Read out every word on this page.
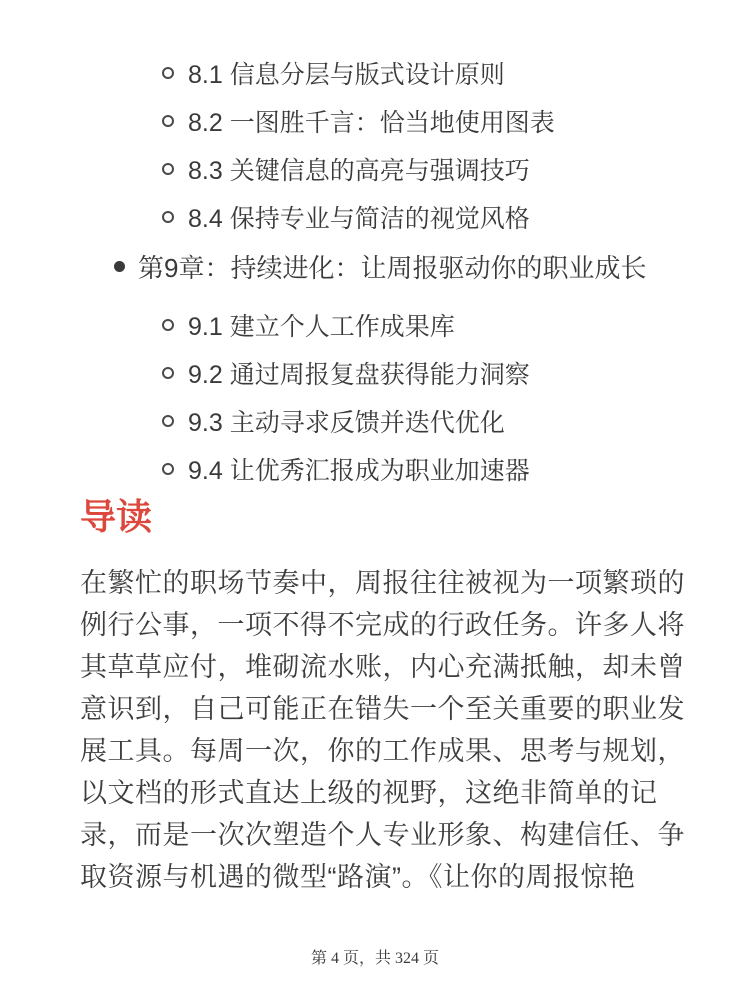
8.1 信息分层与版式设计原则
8.2 一图胜千言：恰当地使用图表
8.3 关键信息的高亮与强调技巧
8.4 保持专业与简洁的视觉风格
第9章：持续进化：让周报驱动你的职业成长
9.1 建立个人工作成果库
9.2 通过周报复盘获得能力洞察
9.3 主动寻求反馈并迭代优化
9.4 让优秀汇报成为职业加速器
导读
在繁忙的职场节奏中，周报往往被视为一项繁琐的
例行公事，一项不得不完成的行政任务。许多人将
其草草应付，堆砌流水账，内心充满抵触，却未曾
意识到，自己可能正在错失一个至关重要的职业发
展工具。每周一次，你的工作成果、思考与规划，
以文档的形式直达上级的视野，这绝非简单的记
录，而是一次次塑造个人专业形象、构建信任、争
取资源与机遇的微型“路演”。《让你的周报惊艳
第 4 页，共 324 页
